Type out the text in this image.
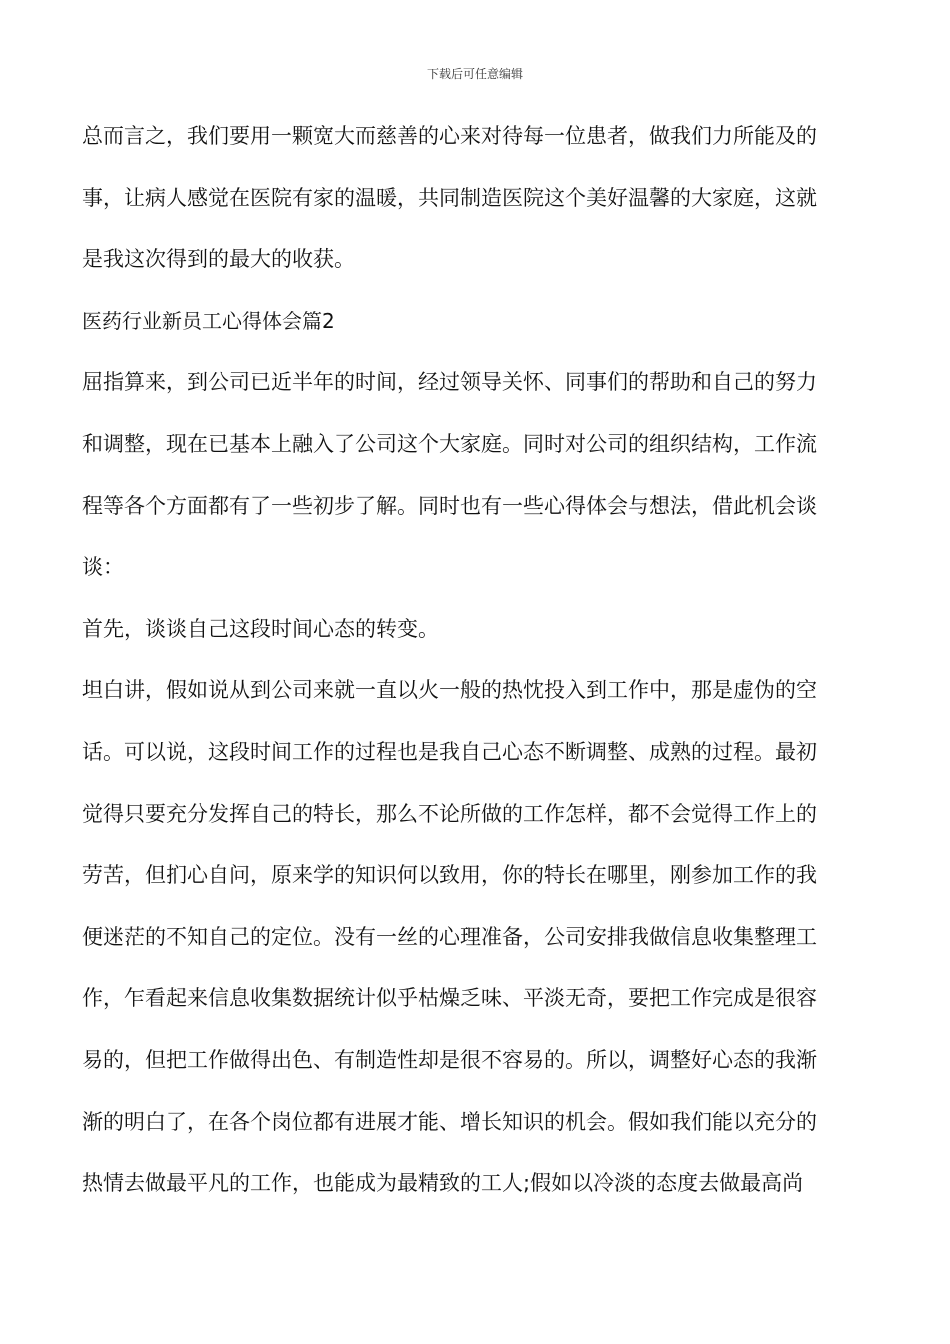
下载后可任意编辑
总而言之，我们要用一颗宽大而慈善的心来对待每一位患者，做我们力所能及的
事，让病人感觉在医院有家的温暖，共同制造医院这个美好温馨的大家庭，这就
是我这次得到的最大的收获。
医药行业新员工心得体会篇2
屈指算来，到公司已近半年的时间，经过领导关怀、同事们的帮助和自己的努力
和调整，现在已基本上融入了公司这个大家庭。同时对公司的组织结构，工作流
程等各个方面都有了一些初步了解。同时也有一些心得体会与想法，借此机会谈
谈：
首先，谈谈自己这段时间心态的转变。
坦白讲，假如说从到公司来就一直以火一般的热忱投入到工作中，那是虚伪的空
话。可以说，这段时间工作的过程也是我自己心态不断调整、成熟的过程。最初
觉得只要充分发挥自己的特长，那么不论所做的工作怎样，都不会觉得工作上的
劳苦，但扪心自问，原来学的知识何以致用，你的特长在哪里，刚参加工作的我
便迷茫的不知自己的定位。没有一丝的心理准备，公司安排我做信息收集整理工
作，乍看起来信息收集数据统计似乎枯燥乏味、平淡无奇，要把工作完成是很容
易的，但把工作做得出色、有制造性却是很不容易的。所以，调整好心态的我渐
渐的明白了，在各个岗位都有进展才能、增长知识的机会。假如我们能以充分的
热情去做最平凡的工作，也能成为最精致的工人;假如以冷淡的态度去做最高尚
